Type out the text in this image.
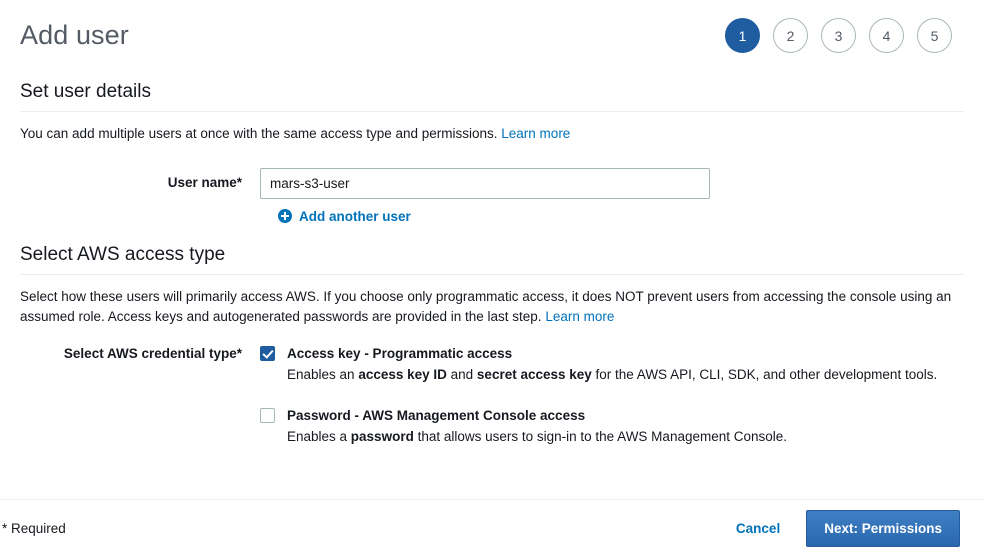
Add user	1	2	3	4	5
Set user details

You can add multiple users at once with the same access type and permissions. Learn more

User name*
mars-s3-user
Add another user
Select AWS access type

Select how these users will primarily access AWS. If you choose only programmatic access, it does NOT prevent users from accessing the console using an assumed role. Access keys and autogenerated passwords are provided in the last step. Learn more

Select AWS credential type*	Access key - Programmatic access
Enables an access key ID and secret access key for the AWS API, CLI, SDK, and other development tools.
Password - AWS Management Console access
Enables a password that allows users to sign-in to the AWS Management Console.
* Required	Cancel	Next: Permissions
